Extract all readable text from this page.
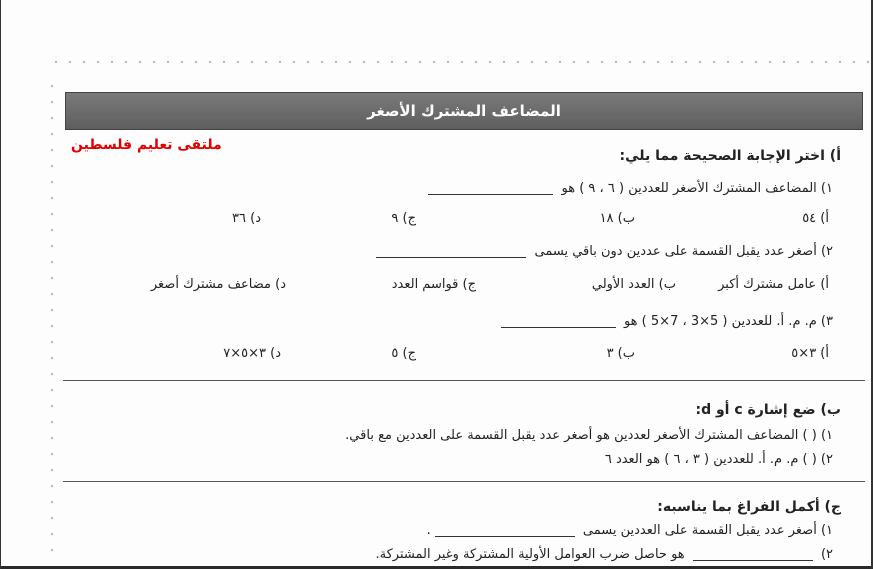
المضاعف المشترك الأصغر
ملتقى تعليم فلسطين
أ) اختر الإجابة الصحيحة مما يلي:
١) المضاعف المشترك الأصغر للعددين ( ٦ ، ٩ ) هو
أ) ٥٤
ب) ١٨
ج) ٩
د) ٣٦
٢) أصغر عدد يقبل القسمة على عددين دون باقي يسمى
أ) عامل مشترك أكبر
ب) العدد الأولي
ج) قواسم العدد
د) مضاعف مشترك أصغر
٣) م. م. أ. للعددين ( 5×3 ، 7×5 ) هو
أ) ٣×٥
ب) ٣
ج) ٥
د) ٣×٥×٧
ب) ضع إشارة c أو d:
١) ( ) المضاعف المشترك الأصغر لعددين هو أصغر عدد يقبل القسمة على العددين مع باقي.
٢) ( ) م. م. أ. للعددين ( ٣ ، ٦ ) هو العدد ٦
ج) أكمل الفراغ بما يناسبه:
١) أصغر عدد يقبل القسمة على العددين يسمى .
٢)  هو حاصل ضرب العوامل الأولية المشتركة وغير المشتركة.
